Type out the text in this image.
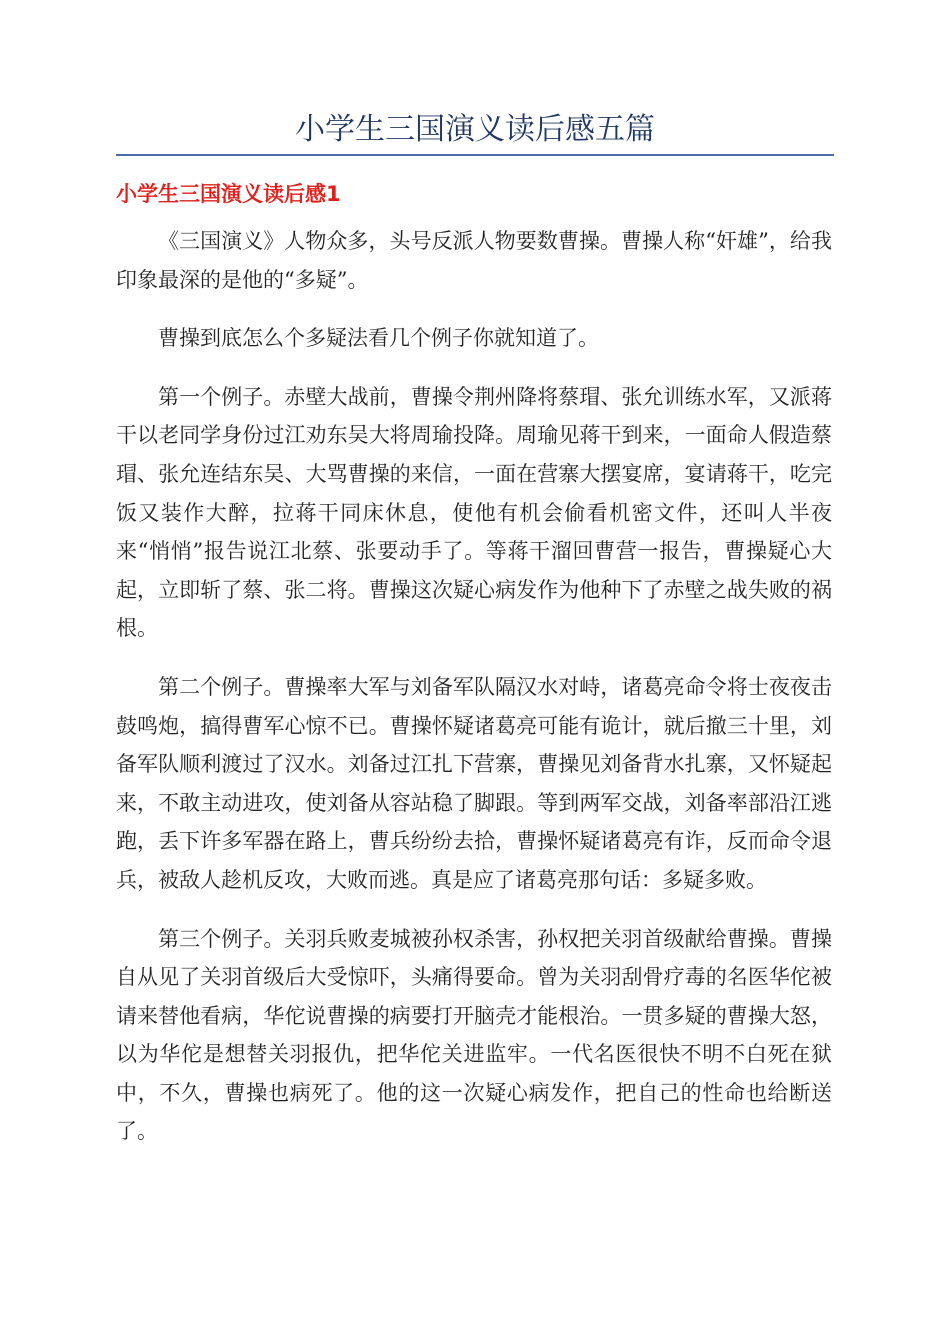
小学生三国演义读后感五篇
小学生三国演义读后感1

《三国演义》人物众多，头号反派人物要数曹操。曹操人称“奸雄”，给我印象最深的是他的“多疑”。

曹操到底怎么个多疑法看几个例子你就知道了。

第一个例子。赤壁大战前，曹操令荆州降将蔡瑁、张允训练水军，又派蒋干以老同学身份过江劝东吴大将周瑜投降。周瑜见蒋干到来，一面命人假造蔡瑁、张允连结东吴、大骂曹操的来信，一面在营寨大摆宴席，宴请蒋干，吃完饭又装作大醉，拉蒋干同床休息，使他有机会偷看机密文件，还叫人半夜来“悄悄”报告说江北蔡、张要动手了。等蒋干溜回曹营一报告，曹操疑心大起，立即斩了蔡、张二将。曹操这次疑心病发作为他种下了赤壁之战失败的祸根。

第二个例子。曹操率大军与刘备军队隔汉水对峙，诸葛亮命令将士夜夜击鼓鸣炮，搞得曹军心惊不已。曹操怀疑诸葛亮可能有诡计，就后撤三十里，刘备军队顺利渡过了汉水。刘备过江扎下营寨，曹操见刘备背水扎寨，又怀疑起来，不敢主动进攻，使刘备从容站稳了脚跟。等到两军交战，刘备率部沿江逃跑，丢下许多军器在路上，曹兵纷纷去拾，曹操怀疑诸葛亮有诈，反而命令退兵，被敌人趁机反攻，大败而逃。真是应了诸葛亮那句话：多疑多败。

第三个例子。关羽兵败麦城被孙权杀害，孙权把关羽首级献给曹操。曹操自从见了关羽首级后大受惊吓，头痛得要命。曾为关羽刮骨疗毒的名医华佗被请来替他看病，华佗说曹操的病要打开脑壳才能根治。一贯多疑的曹操大怒，以为华佗是想替关羽报仇，把华佗关进监牢。一代名医很快不明不白死在狱中，不久，曹操也病死了。他的这一次疑心病发作，把自己的性命也给断送了。
